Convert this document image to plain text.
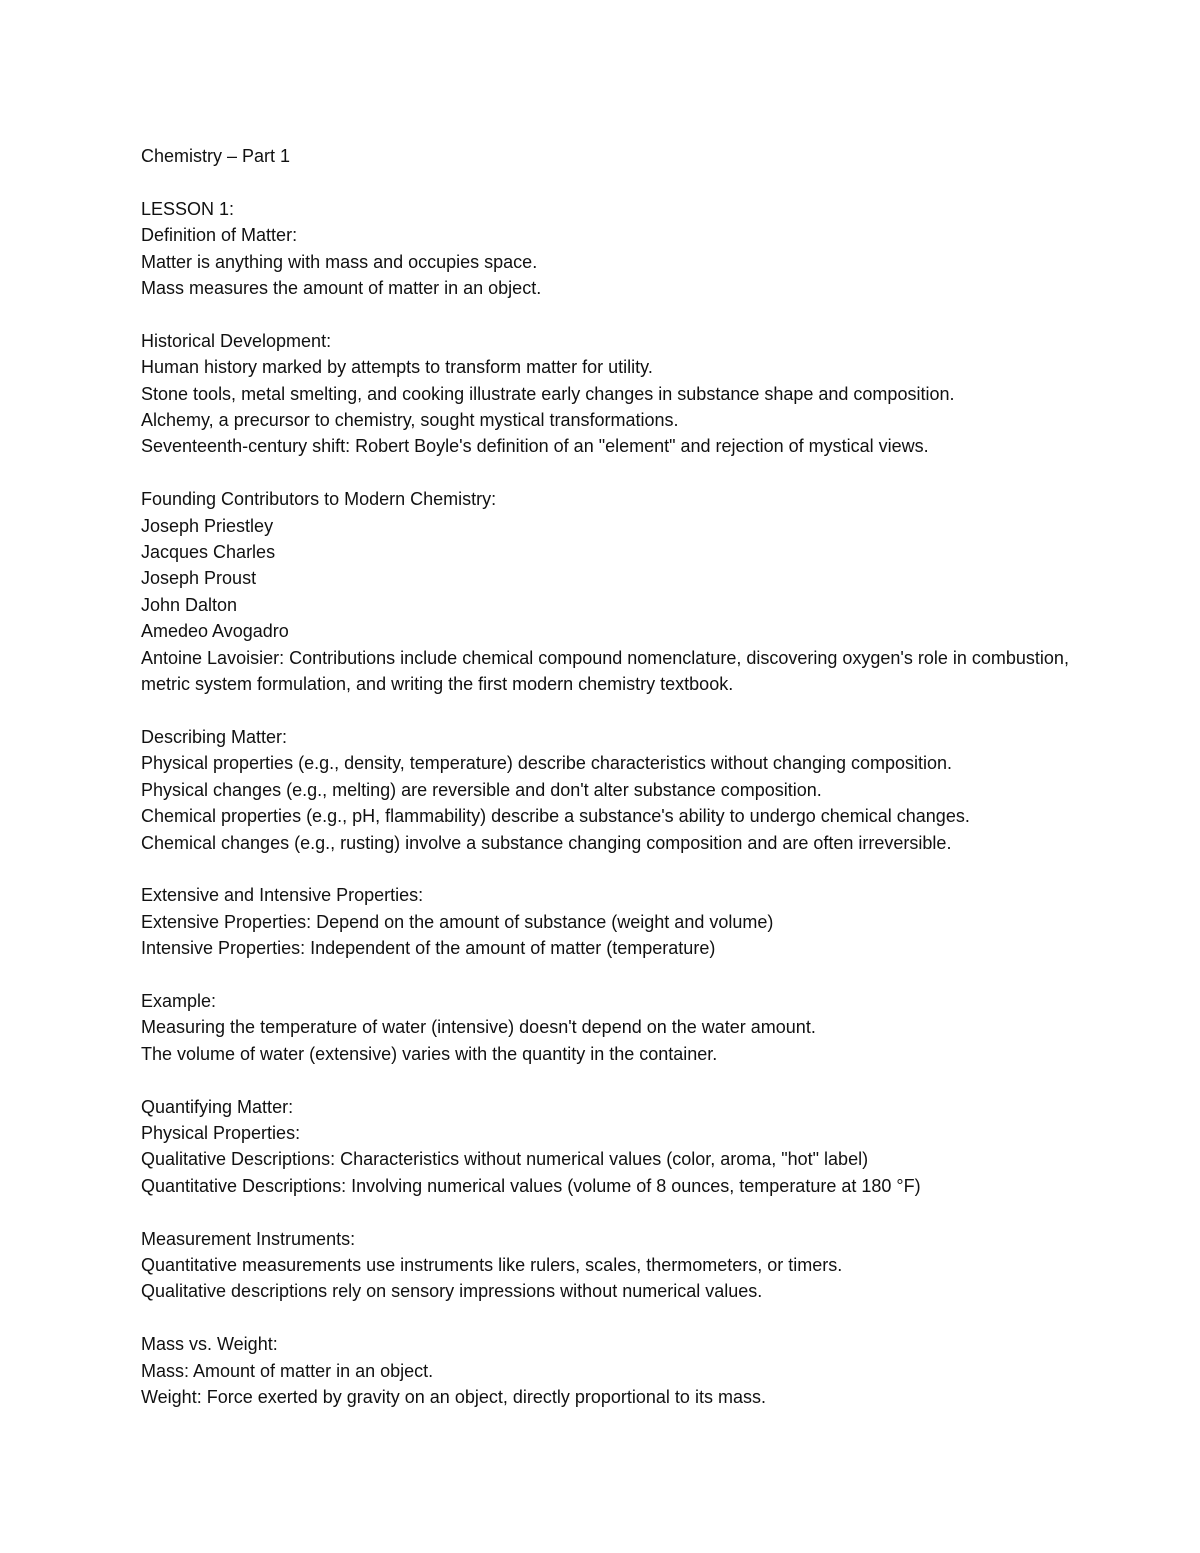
Chemistry – Part 1
LESSON 1:
Definition of Matter:
Matter is anything with mass and occupies space.
Mass measures the amount of matter in an object.
Historical Development:
Human history marked by attempts to transform matter for utility.
Stone tools, metal smelting, and cooking illustrate early changes in substance shape and composition.
Alchemy, a precursor to chemistry, sought mystical transformations.
Seventeenth-century shift: Robert Boyle's definition of an "element" and rejection of mystical views.
Founding Contributors to Modern Chemistry:
Joseph Priestley
Jacques Charles
Joseph Proust
John Dalton
Amedeo Avogadro
Antoine Lavoisier: Contributions include chemical compound nomenclature, discovering oxygen's role in combustion, metric system formulation, and writing the first modern chemistry textbook.
Describing Matter:
Physical properties (e.g., density, temperature) describe characteristics without changing composition.
Physical changes (e.g., melting) are reversible and don't alter substance composition.
Chemical properties (e.g., pH, flammability) describe a substance's ability to undergo chemical changes.
Chemical changes (e.g., rusting) involve a substance changing composition and are often irreversible.
Extensive and Intensive Properties:
Extensive Properties: Depend on the amount of substance (weight and volume)
Intensive Properties: Independent of the amount of matter (temperature)
Example:
Measuring the temperature of water (intensive) doesn't depend on the water amount.
The volume of water (extensive) varies with the quantity in the container.
Quantifying Matter:
Physical Properties:
Qualitative Descriptions: Characteristics without numerical values (color, aroma, "hot" label)
Quantitative Descriptions: Involving numerical values (volume of 8 ounces, temperature at 180 °F)
Measurement Instruments:
Quantitative measurements use instruments like rulers, scales, thermometers, or timers.
Qualitative descriptions rely on sensory impressions without numerical values.
Mass vs. Weight:
Mass: Amount of matter in an object.
Weight: Force exerted by gravity on an object, directly proportional to its mass.
